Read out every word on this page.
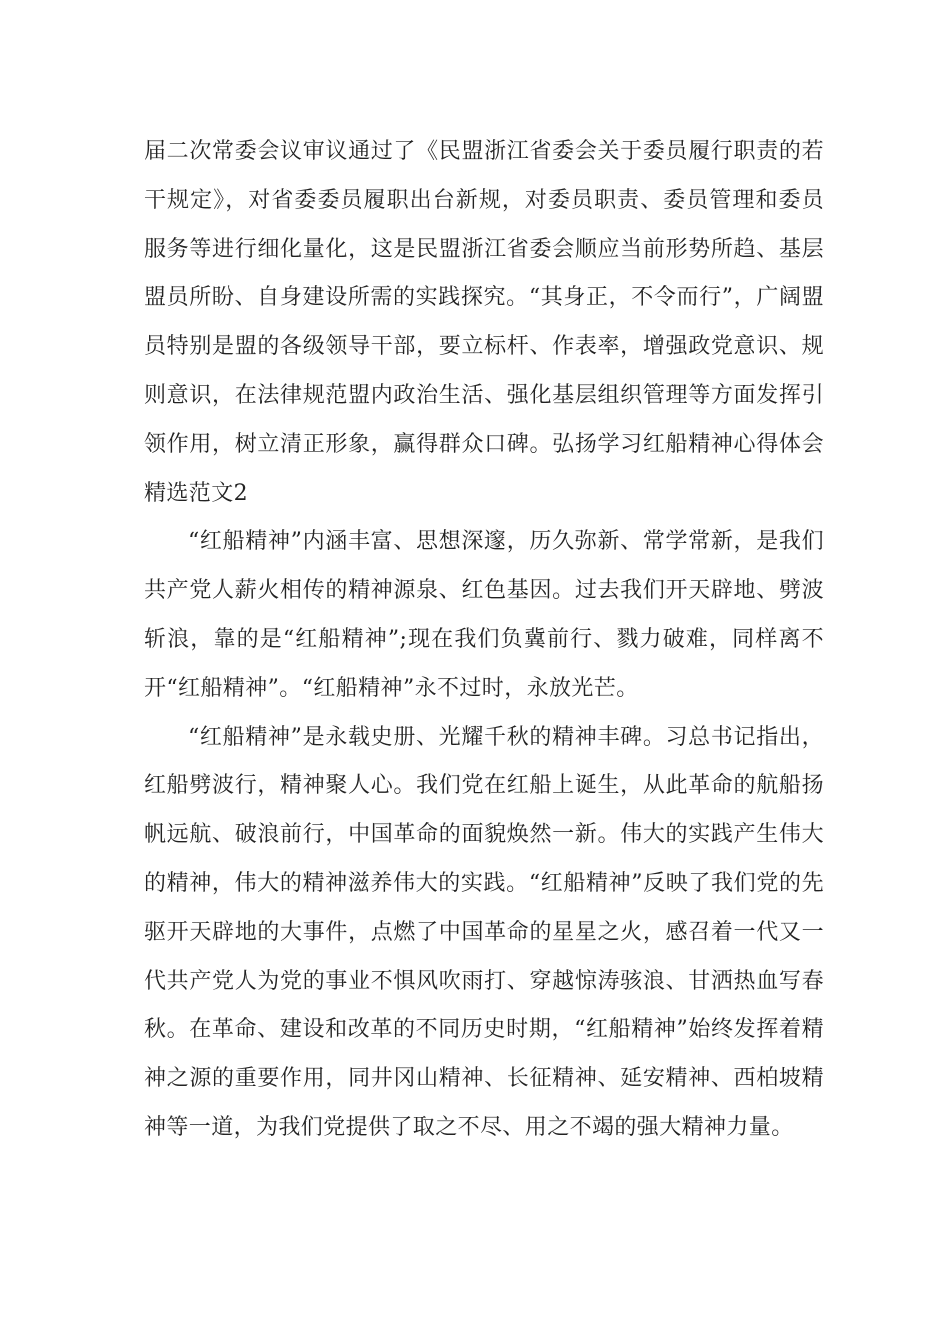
届二次常委会议审议通过了《民盟浙江省委会关于委员履行职责的若干规定》，对省委委员履职出台新规，对委员职责、委员管理和委员服务等进行细化量化，这是民盟浙江省委会顺应当前形势所趋、基层盟员所盼、自身建设所需的实践探究。“其身正，不令而行”，广阔盟员特别是盟的各级领导干部，要立标杆、作表率，增强政党意识、规则意识，在法律规范盟内政治生活、强化基层组织管理等方面发挥引领作用，树立清正形象，赢得群众口碑。弘扬学习红船精神心得体会精选范文2

“红船精神”内涵丰富、思想深邃，历久弥新、常学常新，是我们共产党人薪火相传的精神源泉、红色基因。过去我们开天辟地、劈波斩浪，靠的是“红船精神”;现在我们负冀前行、戮力破难，同样离不开“红船精神”。“红船精神”永不过时，永放光芒。

“红船精神”是永载史册、光耀千秋的精神丰碑。习总书记指出，红船劈波行，精神聚人心。我们党在红船上诞生，从此革命的航船扬帆远航、破浪前行，中国革命的面貌焕然一新。伟大的实践产生伟大的精神，伟大的精神滋养伟大的实践。“红船精神”反映了我们党的先驱开天辟地的大事件，点燃了中国革命的星星之火，感召着一代又一代共产党人为党的事业不惧风吹雨打、穿越惊涛骇浪、甘洒热血写春秋。在革命、建设和改革的不同历史时期，“红船精神”始终发挥着精神之源的重要作用，同井冈山精神、长征精神、延安精神、西柏坡精神等一道，为我们党提供了取之不尽、用之不竭的强大精神力量。
